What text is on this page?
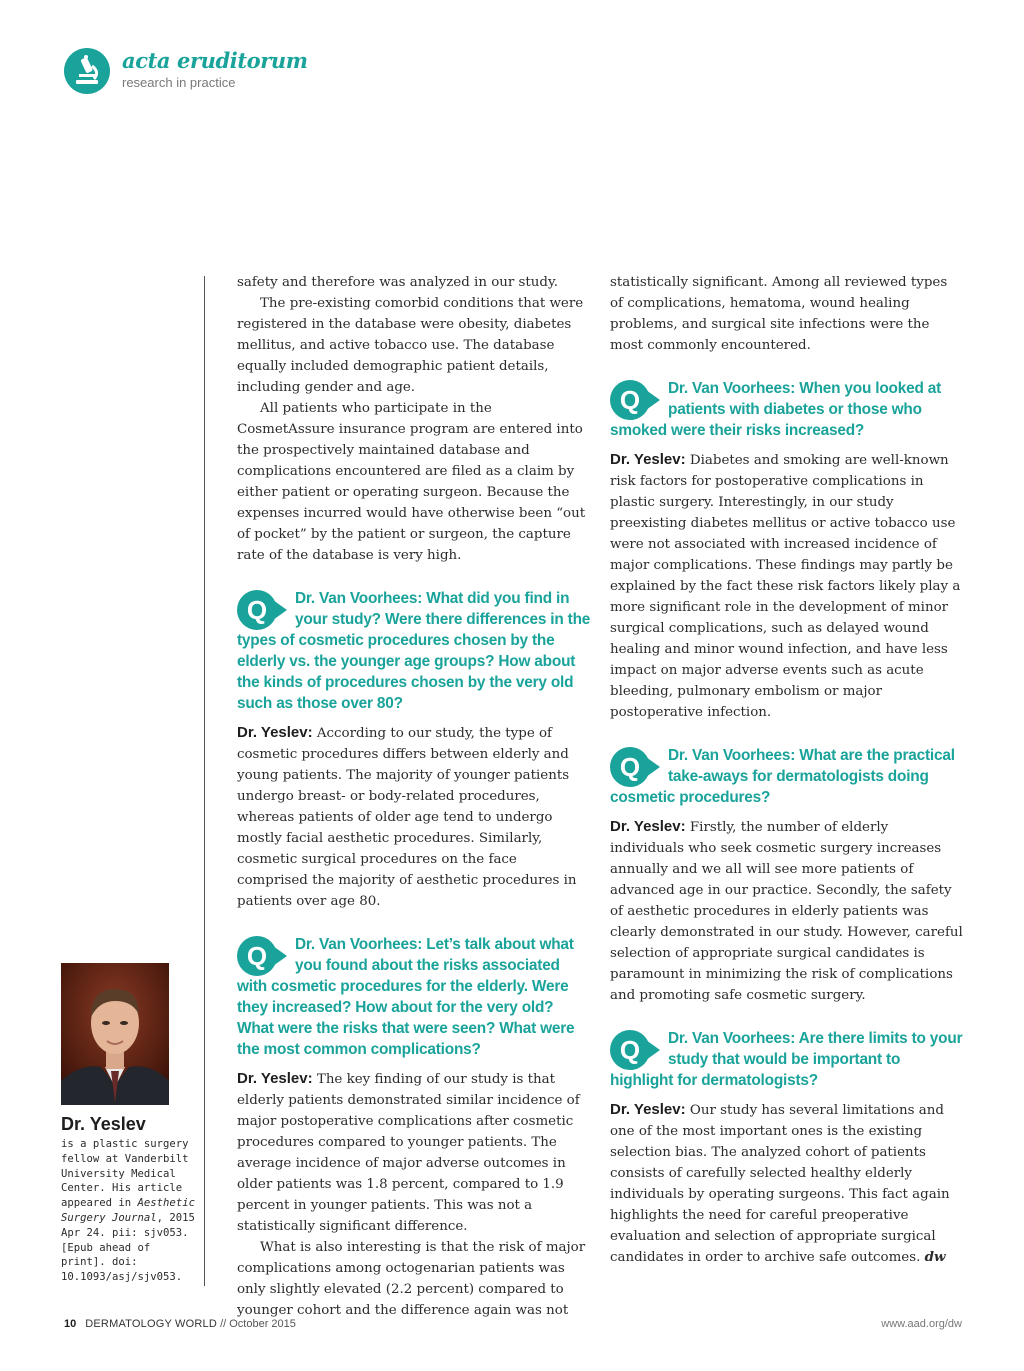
acta eruditorum
research in practice
Dr. Yeslev
is a plastic surgery fellow at Vanderbilt University Medical Center. His article appeared in Aesthetic Surgery Journal, 2015 Apr 24. pii: sjv053. [Epub ahead of print]. doi: 10.1093/asj/sjv053.

safety and therefore was analyzed in our study.

The pre-existing comorbid conditions that were registered in the database were obesity, diabetes mellitus, and active tobacco use. The database equally included demographic patient details, including gender and age.

All patients who participate in the CosmetAssure insurance program are entered into the prospectively maintained database and complications encountered are filed as a claim by either patient or operating surgeon. Because the expenses incurred would have otherwise been “out of pocket” by the patient or surgeon, the capture rate of the database is very high.

Q	Dr. Van Voorhees: What did you find in your study? Were there differences in the types of cosmetic procedures chosen by the elderly vs. the younger age groups? How about the kinds of procedures chosen by the very old such as those over 80?

Dr. Yeslev: According to our study, the type of cosmetic procedures differs between elderly and young patients. The majority of younger patients undergo breast- or body-related procedures, whereas patients of older age tend to undergo mostly facial aesthetic procedures. Similarly, cosmetic surgical procedures on the face comprised the majority of aesthetic procedures in patients over age 80.

Q	Dr. Van Voorhees: Let’s talk about what you found about the risks associated with cosmetic procedures for the elderly. Were they increased? How about for the very old? What were the risks that were seen? What were the most common complications?

Dr. Yeslev: The key finding of our study is that elderly patients demonstrated similar incidence of major postoperative complications after cosmetic procedures compared to younger patients. The average incidence of major adverse outcomes in older patients was 1.8 percent, compared to 1.9 percent in younger patients. This was not a statistically significant difference.

What is also interesting is that the risk of major complications among octogenarian patients was only slightly elevated (2.2 percent) compared to younger cohort and the difference again was not

statistically significant. Among all reviewed types of complications, hematoma, wound healing problems, and surgical site infections were the most commonly encountered.

Q	Dr. Van Voorhees: When you looked at patients with diabetes or those who smoked were their risks increased?

Dr. Yeslev: Diabetes and smoking are well-known risk factors for postoperative complications in plastic surgery. Interestingly, in our study preexisting diabetes mellitus or active tobacco use were not associated with increased incidence of major complications. These findings may partly be explained by the fact these risk factors likely play a more significant role in the development of minor surgical complications, such as delayed wound healing and minor wound infection, and have less impact on major adverse events such as acute bleeding, pulmonary embolism or major postoperative infection.

Q	Dr. Van Voorhees: What are the practical take-aways for dermatologists doing cosmetic procedures?

Dr. Yeslev: Firstly, the number of elderly individuals who seek cosmetic surgery increases annually and we all will see more patients of advanced age in our practice. Secondly, the safety of aesthetic procedures in elderly patients was clearly demonstrated in our study. However, careful selection of appropriate surgical candidates is paramount in minimizing the risk of complications and promoting safe cosmetic surgery.

Q	Dr. Van Voorhees: Are there limits to your study that would be important to highlight for dermatologists?

Dr. Yeslev: Our study has several limitations and one of the most important ones is the existing selection bias. The analyzed cohort of patients consists of carefully selected healthy elderly individuals by operating surgeons. This fact again highlights the need for careful preoperative evaluation and selection of appropriate surgical candidates in order to archive safe outcomes. dw

10 DERMATOLOGY WORLD // October 2015	www.aad.org/dw
